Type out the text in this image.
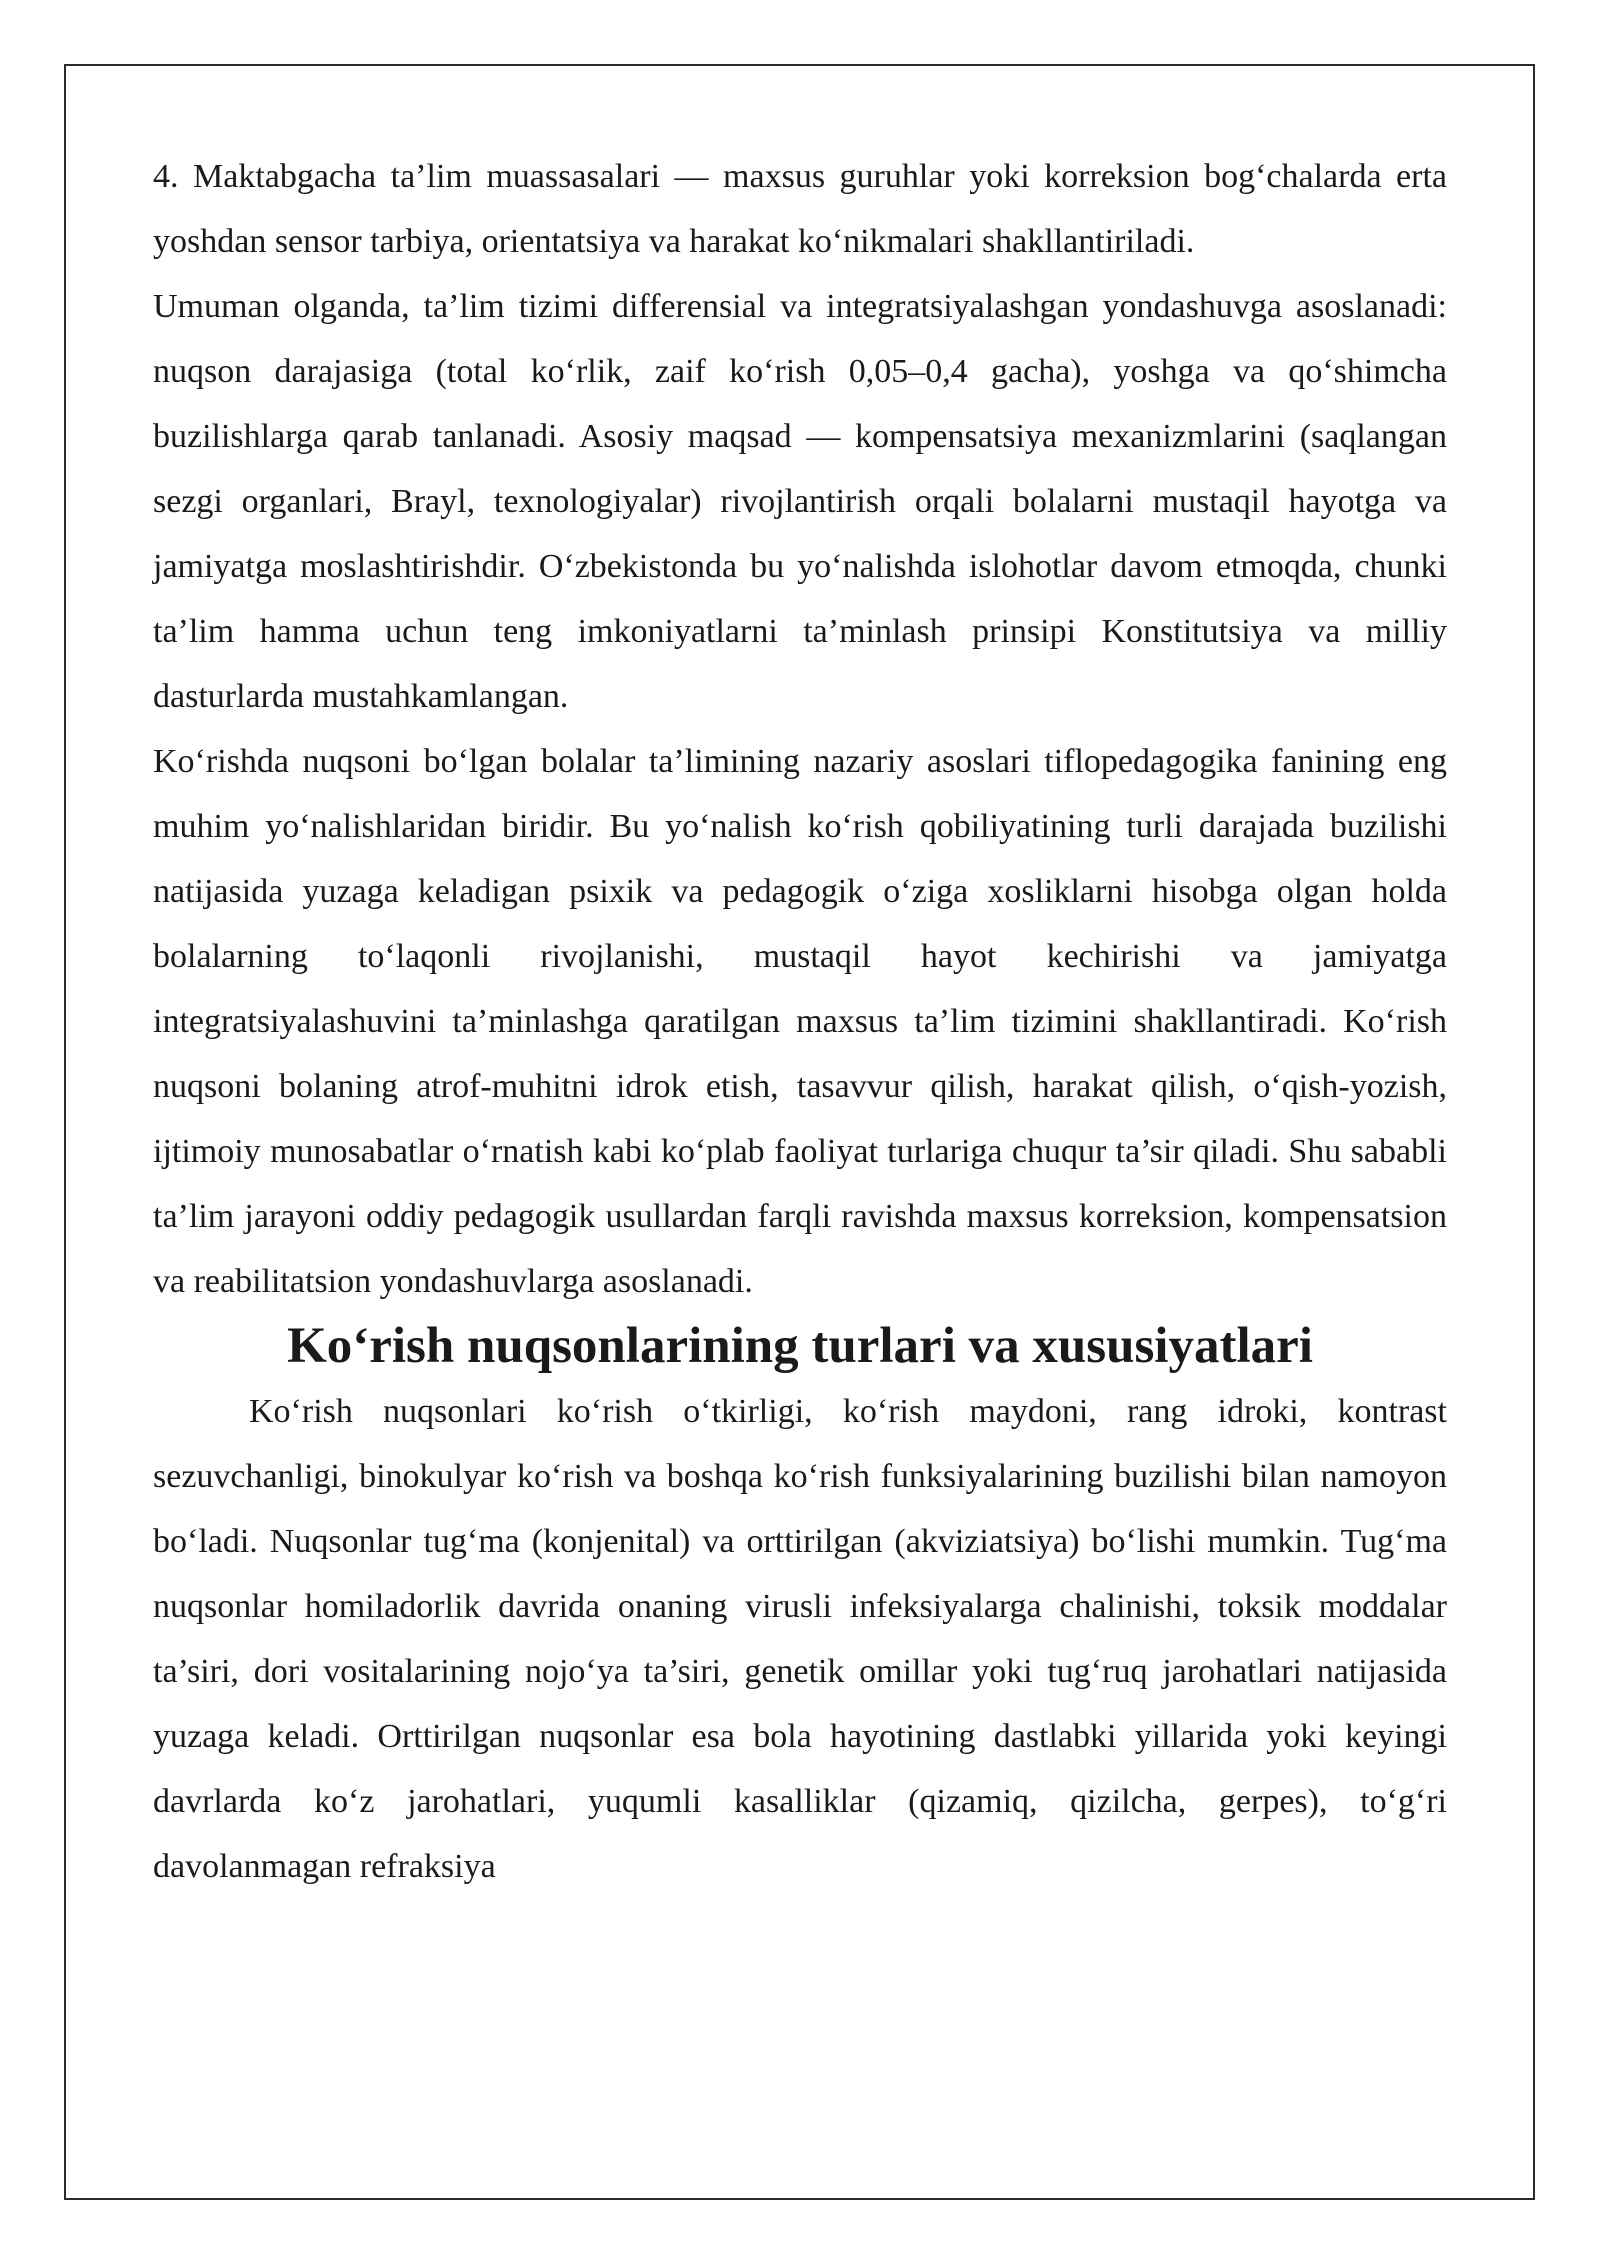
4. Maktabgacha ta’lim muassasalari — maxsus guruhlar yoki korreksion bog‘chalarda erta yoshdan sensor tarbiya, orientatsiya va harakat ko‘nikmalari shakllantiriladi.

Umuman olganda, ta’lim tizimi differensial va integratsiyalashgan yondashuvga asoslanadi: nuqson darajasiga (total ko‘rlik, zaif ko‘rish 0,05–0,4 gacha), yoshga va qo‘shimcha buzilishlarga qarab tanlanadi. Asosiy maqsad — kompensatsiya mexanizmlarini (saqlangan sezgi organlari, Brayl, texnologiyalar) rivojlantirish orqali bolalarni mustaqil hayotga va jamiyatga moslashtirishdir. O‘zbekistonda bu yo‘nalishda islohotlar davom etmoqda, chunki ta’lim hamma uchun teng imkoniyatlarni ta’minlash prinsipi Konstitutsiya va milliy dasturlarda mustahkamlangan.

Ko‘rishda nuqsoni bo‘lgan bolalar ta’limining nazariy asoslari tiflopedagogika fanining eng muhim yo‘nalishlaridan biridir. Bu yo‘nalish ko‘rish qobiliyatining turli darajada buzilishi natijasida yuzaga keladigan psixik va pedagogik o‘ziga xosliklarni hisobga olgan holda bolalarning to‘laqonli rivojlanishi, mustaqil hayot kechirishi va jamiyatga integratsiyalashuvini ta’minlashga qaratilgan maxsus ta’lim tizimini shakllantiradi. Ko‘rish nuqsoni bolaning atrof-muhitni idrok etish, tasavvur qilish, harakat qilish, o‘qish-yozish, ijtimoiy munosabatlar o‘rnatish kabi ko‘plab faoliyat turlariga chuqur ta’sir qiladi. Shu sababli ta’lim jarayoni oddiy pedagogik usullardan farqli ravishda maxsus korreksion, kompensatsion va reabilitatsion yondashuvlarga asoslanadi.

Ko‘rish nuqsonlarining turlari va xususiyatlari

Ko‘rish nuqsonlari ko‘rish o‘tkirligi, ko‘rish maydoni, rang idroki, kontrast sezuvchanligi, binokulyar ko‘rish va boshqa ko‘rish funksiyalarining buzilishi bilan namoyon bo‘ladi. Nuqsonlar tug‘ma (konjenital) va orttirilgan (akviziatsiya) bo‘lishi mumkin. Tug‘ma nuqsonlar homiladorlik davrida onaning virusli infeksiyalarga chalinishi, toksik moddalar ta’siri, dori vositalarining nojo‘ya ta’siri, genetik omillar yoki tug‘ruq jarohatlari natijasida yuzaga keladi. Orttirilgan nuqsonlar esa bola hayotining dastlabki yillarida yoki keyingi davrlarda ko‘z jarohatlari, yuqumli kasalliklar (qizamiq, qizilcha, gerpes), to‘g‘ri davolanmagan refraksiya
